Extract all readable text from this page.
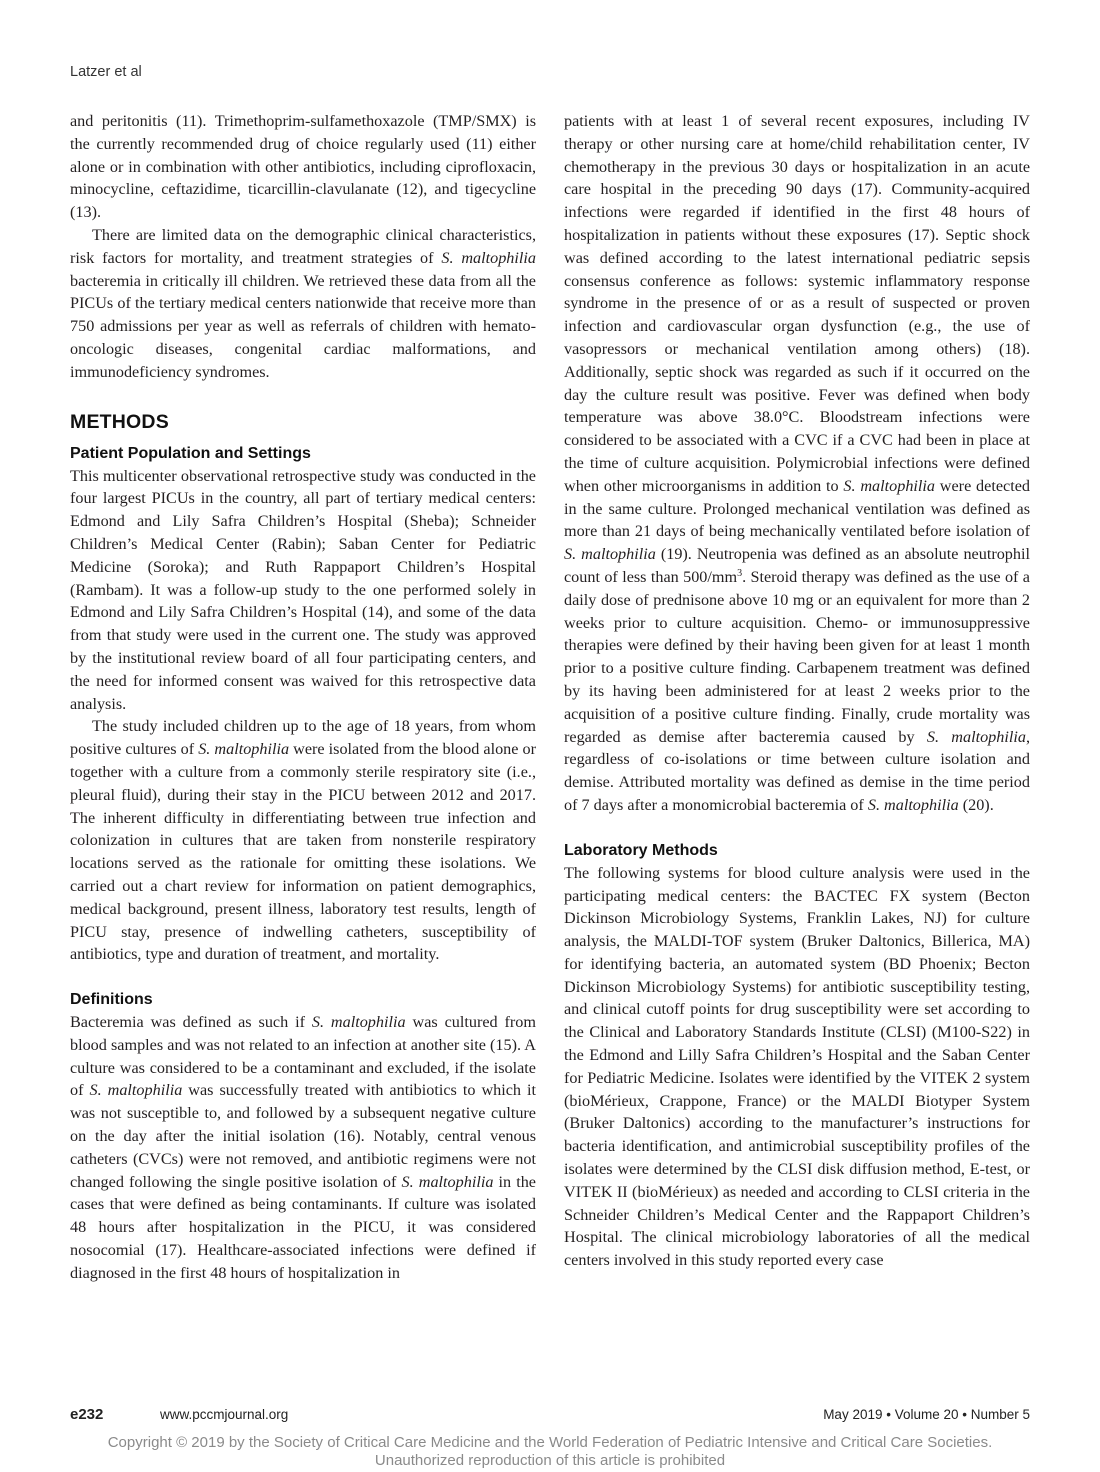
Latzer et al

and peritonitis (11). Trimethoprim-sulfamethoxazole (TMP/SMX) is the currently recommended drug of choice regularly used (11) either alone or in combination with other antibiotics, including ciprofloxacin, minocycline, ceftazidime, ticarcillin-clavulanate (12), and tigecycline (13).

There are limited data on the demographic clinical characteristics, risk factors for mortality, and treatment strategies of S. maltophilia bacteremia in critically ill children. We retrieved these data from all the PICUs of the tertiary medical centers nationwide that receive more than 750 admissions per year as well as referrals of children with hemato-oncologic diseases, congenital cardiac malformations, and immunodeficiency syndromes.

METHODS
Patient Population and Settings

This multicenter observational retrospective study was conducted in the four largest PICUs in the country, all part of tertiary medical centers: Edmond and Lily Safra Children’s Hospital (Sheba); Schneider Children’s Medical Center (Rabin); Saban Center for Pediatric Medicine (Soroka); and Ruth Rappaport Children’s Hospital (Rambam). It was a follow-up study to the one performed solely in Edmond and Lily Safra Children’s Hospital (14), and some of the data from that study were used in the current one. The study was approved by the institutional review board of all four participating centers, and the need for informed consent was waived for this retrospective data analysis.

The study included children up to the age of 18 years, from whom positive cultures of S. maltophilia were isolated from the blood alone or together with a culture from a commonly sterile respiratory site (i.e., pleural fluid), during their stay in the PICU between 2012 and 2017. The inherent difficulty in differentiating between true infection and colonization in cultures that are taken from nonsterile respiratory locations served as the rationale for omitting these isolations. We carried out a chart review for information on patient demographics, medical background, present illness, laboratory test results, length of PICU stay, presence of indwelling catheters, susceptibility of antibiotics, type and duration of treatment, and mortality.

Definitions

Bacteremia was defined as such if S. maltophilia was cultured from blood samples and was not related to an infection at another site (15). A culture was considered to be a contaminant and excluded, if the isolate of S. maltophilia was successfully treated with antibiotics to which it was not susceptible to, and followed by a subsequent negative culture on the day after the initial isolation (16). Notably, central venous catheters (CVCs) were not removed, and antibiotic regimens were not changed following the single positive isolation of S. maltophilia in the cases that were defined as being contaminants. If culture was isolated 48 hours after hospitalization in the PICU, it was considered nosocomial (17). Healthcare-associated infections were defined if diagnosed in the first 48 hours of hospitalization in

patients with at least 1 of several recent exposures, including IV therapy or other nursing care at home/child rehabilitation center, IV chemotherapy in the previous 30 days or hospitalization in an acute care hospital in the preceding 90 days (17). Community-acquired infections were regarded if identified in the first 48 hours of hospitalization in patients without these exposures (17). Septic shock was defined according to the latest international pediatric sepsis consensus conference as follows: systemic inflammatory response syndrome in the presence of or as a result of suspected or proven infection and cardiovascular organ dysfunction (e.g., the use of vasopressors or mechanical ventilation among others) (18). Additionally, septic shock was regarded as such if it occurred on the day the culture result was positive. Fever was defined when body temperature was above 38.0°C. Bloodstream infections were considered to be associated with a CVC if a CVC had been in place at the time of culture acquisition. Polymicrobial infections were defined when other microorganisms in addition to S. maltophilia were detected in the same culture. Prolonged mechanical ventilation was defined as more than 21 days of being mechanically ventilated before isolation of S. maltophilia (19). Neutropenia was defined as an absolute neutrophil count of less than $500/mm^3$. Steroid therapy was defined as the use of a daily dose of prednisone above 10 mg or an equivalent for more than 2 weeks prior to culture acquisition. Chemo- or immunosuppressive therapies were defined by their having been given for at least 1 month prior to a positive culture finding. Carbapenem treatment was defined by its having been administered for at least 2 weeks prior to the acquisition of a positive culture finding. Finally, crude mortality was regarded as demise after bacteremia caused by S. maltophilia, regardless of co-isolations or time between culture isolation and demise. Attributed mortality was defined as demise in the time period of 7 days after a monomicrobial bacteremia of S. maltophilia (20).

Laboratory Methods

The following systems for blood culture analysis were used in the participating medical centers: the BACTEC FX system (Becton Dickinson Microbiology Systems, Franklin Lakes, NJ) for culture analysis, the MALDI-TOF system (Bruker Daltonics, Billerica, MA) for identifying bacteria, an automated system (BD Phoenix; Becton Dickinson Microbiology Systems) for antibiotic susceptibility testing, and clinical cutoff points for drug susceptibility were set according to the Clinical and Laboratory Standards Institute (CLSI) (M100-S22) in the Edmond and Lilly Safra Children’s Hospital and the Saban Center for Pediatric Medicine. Isolates were identified by the VITEK 2 system (bioMérieux, Crappone, France) or the MALDI Biotyper System (Bruker Daltonics) according to the manufacturer’s instructions for bacteria identification, and antimicrobial susceptibility profiles of the isolates were determined by the CLSI disk diffusion method, E-test, or VITEK II (bioMérieux) as needed and according to CLSI criteria in the Schneider Children’s Medical Center and the Rappaport Children’s Hospital. The clinical microbiology laboratories of all the medical centers involved in this study reported every case

e232	www.pccmjournal.org	May 2019 • Volume 20 • Number 5
Copyright © 2019 by the Society of Critical Care Medicine and the World Federation of Pediatric Intensive and Critical Care Societies.
Unauthorized reproduction of this article is prohibited
